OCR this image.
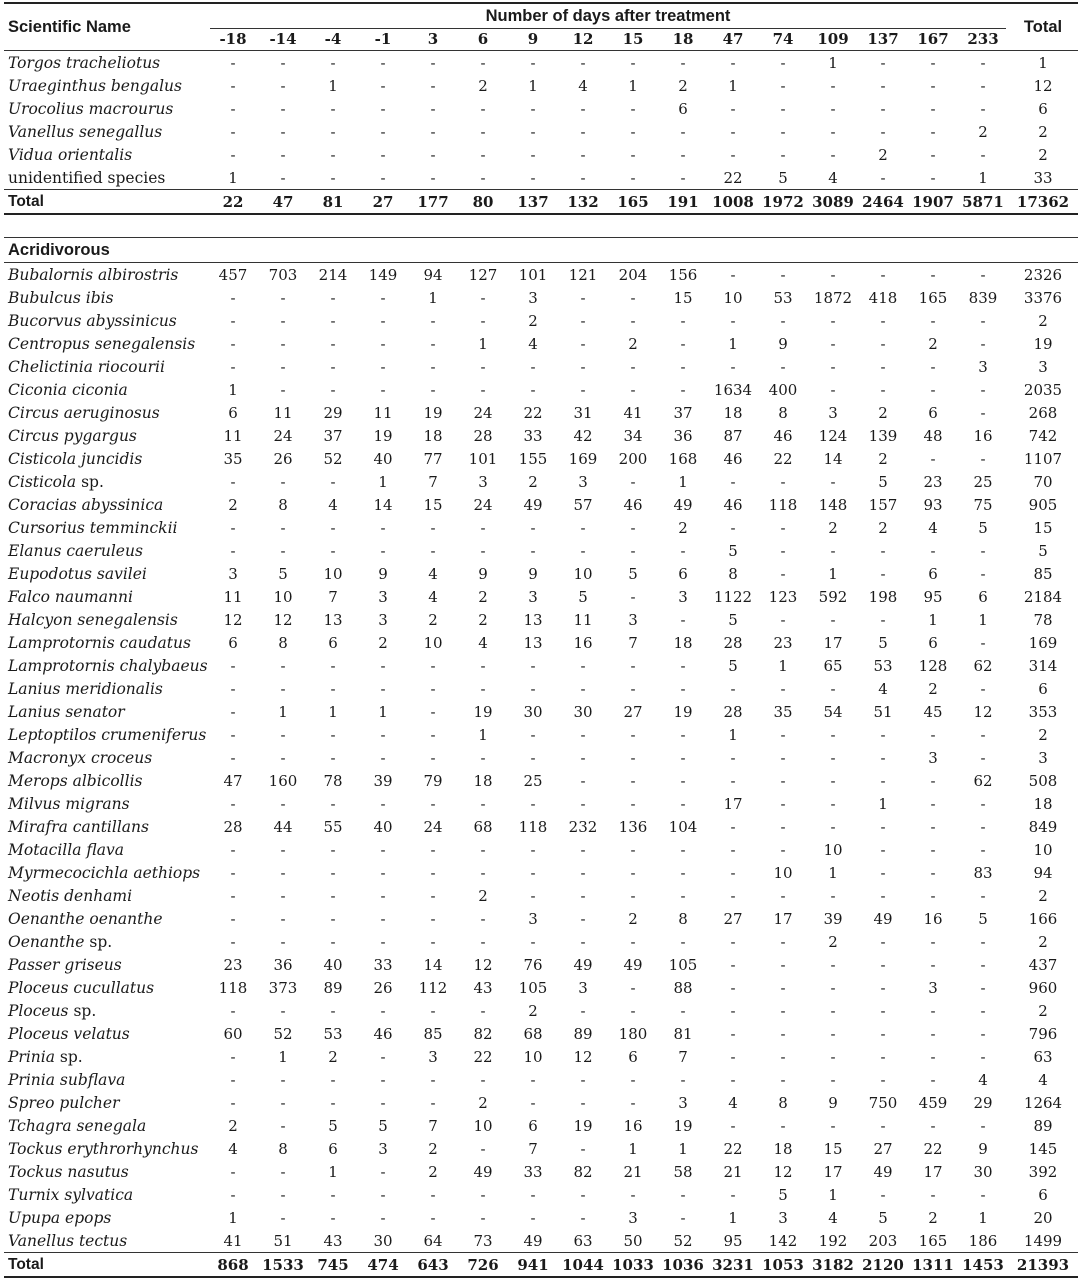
Scientific Name
Number of days after treatment
-18	-14	-4	-1	3	6	9	12	15	18	47	74	109	137	167	233
Total
Torgos tracheliotus	-	-	-	-	-	-	-	-	-	-	-	-	1	-	-	-	1
Uraeginthus bengalus	-	-	1	-	-	2	1	4	1	2	1	-	-	-	-	-	12
Urocolius macrourus	-	-	-	-	-	-	-	-	-	6	-	-	-	-	-	-	6
Vanellus senegallus	-	-	-	-	-	-	-	-	-	-	-	-	-	-	-	2	2
Vidua orientalis	-	-	-	-	-	-	-	-	-	-	-	-	-	2	-	-	2
unidentified species	1	-	-	-	-	-	-	-	-	-	22	5	4	-	-	1	33
Total	22	47	81	27	177	80	137	132	165	191 1008 1972 3089 2464 1907 5871 17362
Acridivorous
Bubalornis albirostris	457	703	214	149	94	127	101	121	204	156	-	-	-	-	-	-	2326
Bubulcus ibis	-	-	-	-	1	-	3	-	-	15	10	53	1872	418	165	839	3376
Bucorvus abyssinicus	-	-	-	-	-	-	2	-	-	-	-	-	-	-	-	-	2
Centropus senegalensis	-	-	-	-	-	1	4	-	2	-	1	9	-	-	2	-	19
Chelictinia riocourii	-	-	-	-	-	-	-	-	-	-	-	-	-	-	-	3	3
Ciconia ciconia	1	-	-	-	-	-	-	-	-	-	1634	400	-	-	-	-	2035
Circus aeruginosus	6	11	29	11	19	24	22	31	41	37	18	8	3	2	6	-	268
Circus pygargus	11	24	37	19	18	28	33	42	34	36	87	46	124	139	48	16	742
Cisticola juncidis	35	26	52	40	77	101	155	169	200	168	46	22	14	2	-	-	1107
Cisticola sp.	-	-	-	1	7	3	2	3	-	1	-	-	-	5	23	25	70
Coracias abyssinica	2	8	4	14	15	24	49	57	46	49	46	118	148	157	93	75	905
Cursorius temminckii	-	-	-	-	-	-	-	-	-	2	-	-	2	2	4	5	15
Elanus caeruleus	-	-	-	-	-	-	-	-	-	-	5	-	-	-	-	-	5
Eupodotus savilei	3	5	10	9	4	9	9	10	5	6	8	-	1	-	6	-	85
Falco naumanni	11	10	7	3	4	2	3	5	-	3	1122	123	592	198	95	6	2184
Halcyon senegalensis	12	12	13	3	2	2	13	11	3	-	5	-	-	-	1	1	78
Lamprotornis caudatus	6	8	6	2	10	4	13	16	7	18	28	23	17	5	6	-	169
Lamprotornis chalybaeus	-	-	-	-	-	-	-	-	-	-	5	1	65	53	128	62	314
Lanius meridionalis	-	-	-	-	-	-	-	-	-	-	-	-	-	4	2	-	6
Lanius senator	-	1	1	1	-	19	30	30	27	19	28	35	54	51	45	12	353
Leptoptilos crumeniferus	-	-	-	-	-	1	-	-	-	-	1	-	-	-	-	-	2
Macronyx croceus	-	-	-	-	-	-	-	-	-	-	-	-	-	-	3	-	3
Merops albicollis	47	160	78	39	79	18	25	-	-	-	-	-	-	-	-	62	508
Milvus migrans	-	-	-	-	-	-	-	-	-	-	17	-	-	1	-	-	18
Mirafra cantillans	28	44	55	40	24	68	118	232	136	104	-	-	-	-	-	-	849
Motacilla flava	-	-	-	-	-	-	-	-	-	-	-	-	10	-	-	-	10
Myrmecocichla aethiops	-	-	-	-	-	-	-	-	-	-	-	10	1	-	-	83	94
Neotis denhami	-	-	-	-	-	2	-	-	-	-	-	-	-	-	-	-	2
Oenanthe oenanthe	-	-	-	-	-	-	3	-	2	8	27	17	39	49	16	5	166
Oenanthe sp.	-	-	-	-	-	-	-	-	-	-	-	-	2	-	-	-	2
Passer griseus	23	36	40	33	14	12	76	49	49	105	-	-	-	-	-	-	437
Ploceus cucullatus	118	373	89	26	112	43	105	3	-	88	-	-	-	-	3	-	960
Ploceus sp.	-	-	-	-	-	-	2	-	-	-	-	-	-	-	-	-	2
Ploceus velatus	60	52	53	46	85	82	68	89	180	81	-	-	-	-	-	-	796
Prinia sp.	-	1	2	-	3	22	10	12	6	7	-	-	-	-	-	-	63
Prinia subflava	-	-	-	-	-	-	-	-	-	-	-	-	-	-	-	4	4
Spreo pulcher	-	-	-	-	-	2	-	-	-	3	4	8	9	750	459	29	1264
Tchagra senegala	2	-	5	5	7	10	6	19	16	19	-	-	-	-	-	-	89
Tockus erythrorhynchus	4	8	6	3	2	-	7	-	1	1	22	18	15	27	22	9	145
Tockus nasutus	-	-	1	-	2	49	33	82	21	58	21	12	17	49	17	30	392
Turnix sylvatica	-	-	-	-	-	-	-	-	-	-	-	5	1	-	-	-	6
Upupa epops	1	-	-	-	-	-	-	-	3	-	1	3	4	5	2	1	20
Vanellus tectus	41	51	43	30	64	73	49	63	50	52	95	142	192	203	165	186	1499
Total	868 1533 745	474	643	726	941 1044 1033 1036 3231 1053 3182 2120 1311 1453 21393
